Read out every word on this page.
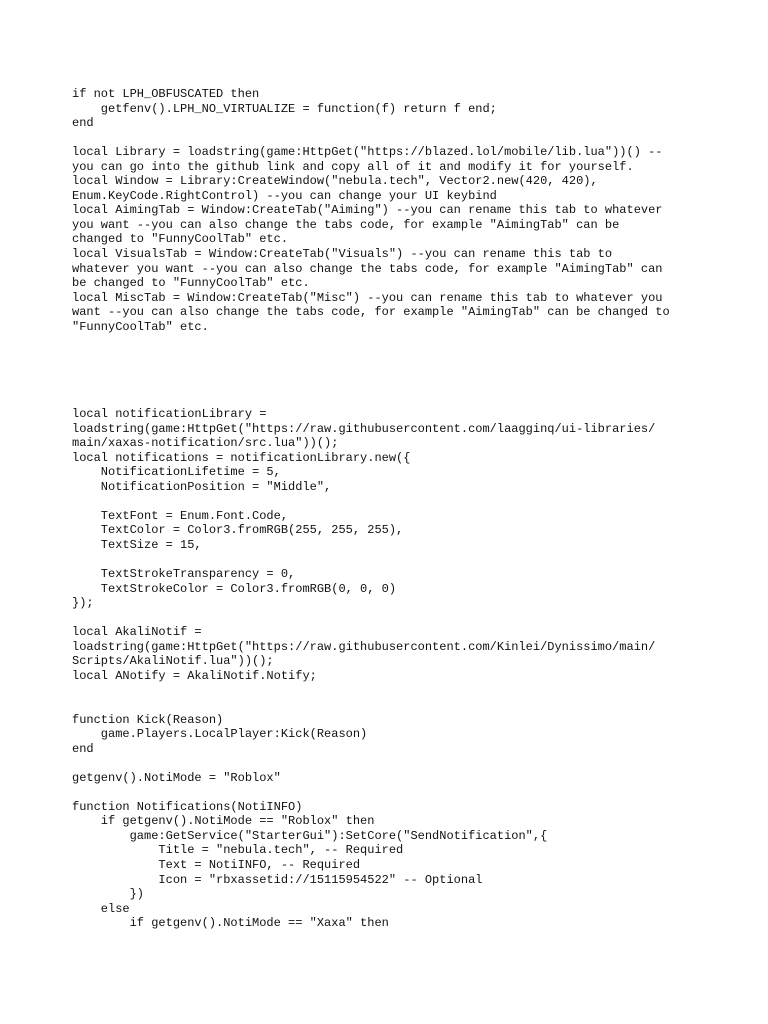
if not LPH_OBFUSCATED then
getfenv().LPH_NO_VIRTUALIZE = function(f) return f end;
end
local Library = loadstring(game:HttpGet("https://blazed.lol/mobile/lib.lua"))() --
you can go into the github link and copy all of it and modify it for yourself.
local Window = Library:CreateWindow("nebula.tech", Vector2.new(420, 420),
Enum.KeyCode.RightControl) --you can change your UI keybind
local AimingTab = Window:CreateTab("Aiming") --you can rename this tab to whatever
you want --you can also change the tabs code, for example "AimingTab" can be
changed to "FunnyCoolTab" etc.
local VisualsTab = Window:CreateTab("Visuals") --you can rename this tab to
whatever you want --you can also change the tabs code, for example "AimingTab" can
be changed to "FunnyCoolTab" etc.
local MiscTab = Window:CreateTab("Misc") --you can rename this tab to whatever you
want --you can also change the tabs code, for example "AimingTab" can be changed to
"FunnyCoolTab" etc.
local notificationLibrary =
loadstring(game:HttpGet("https://raw.githubusercontent.com/laagginq/ui-libraries/
main/xaxas-notification/src.lua"))();
local notifications = notificationLibrary.new({
NotificationLifetime = 5,
NotificationPosition = "Middle",
TextFont = Enum.Font.Code,
TextColor = Color3.fromRGB(255, 255, 255),
TextSize = 15,
TextStrokeTransparency = 0,
TextStrokeColor = Color3.fromRGB(0, 0, 0)
});
local AkaliNotif =
loadstring(game:HttpGet("https://raw.githubusercontent.com/Kinlei/Dynissimo/main/
Scripts/AkaliNotif.lua"))();
local ANotify = AkaliNotif.Notify;
function Kick(Reason)
game.Players.LocalPlayer:Kick(Reason)
end
getgenv().NotiMode = "Roblox"
function Notifications(NotiINFO)
if getgenv().NotiMode == "Roblox" then
game:GetService("StarterGui"):SetCore("SendNotification",{
Title = "nebula.tech", -- Required
Text = NotiINFO, -- Required
Icon = "rbxassetid://15115954522" -- Optional
})
else
if getgenv().NotiMode == "Xaxa" then
